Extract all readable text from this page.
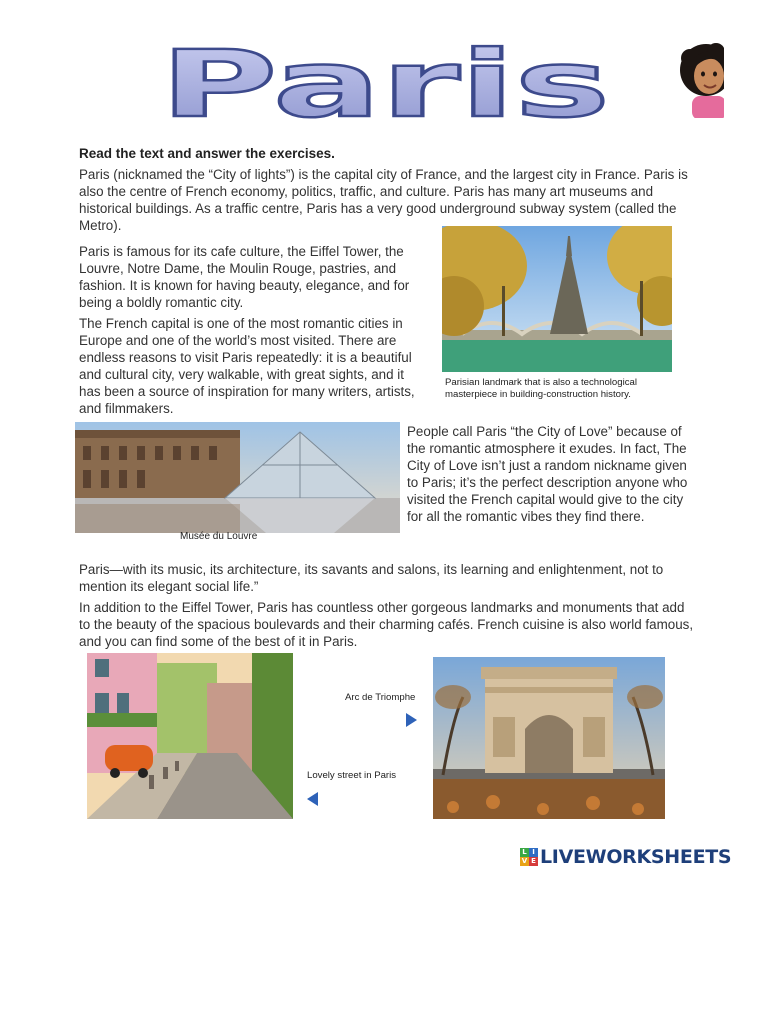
Paris
Read the text and answer the exercises.

Paris (nicknamed the “City of lights”) is the capital city of France, and the largest city in France. Paris is also the centre of French economy, politics, traffic, and culture. Paris has many art museums and historical buildings. As a traffic centre, Paris has a very good underground subway system (called the Metro).

Paris is famous for its cafe culture, the Eiffel Tower, the Louvre, Notre Dame, the Moulin Rouge, pastries, and fashion. It is known for having beauty, elegance, and for being a boldly romantic city.

The French capital is one of the most romantic cities in Europe and one of the world’s most visited. There are endless reasons to visit Paris repeatedly: it is a beautiful and cultural city, very walkable, with great sights, and it has been a source of inspiration for many writers, artists, and filmmakers.

Parisian landmark that is also a technological masterpiece in building-construction history.
Musée du Louvre

People call Paris “the City of Love” because of the romantic atmosphere it exudes. In fact, The City of Love isn’t just a random nickname given to Paris; it’s the perfect description anyone who visited the French capital would give to the city for all the romantic vibes they find there.

Paris—with its music, its architecture, its savants and salons, its learning and enlightenment, not to mention its elegant social life.”

In addition to the Eiffel Tower, Paris has countless other gorgeous landmarks and monuments that add to the beauty of the spacious boulevards and their charming cafés. French cuisine is also world famous, and you can find some of the best of it in Paris.

Arc de Triomphe
Lovely street in Paris
L I
V E LIVEWORKSHEETS
